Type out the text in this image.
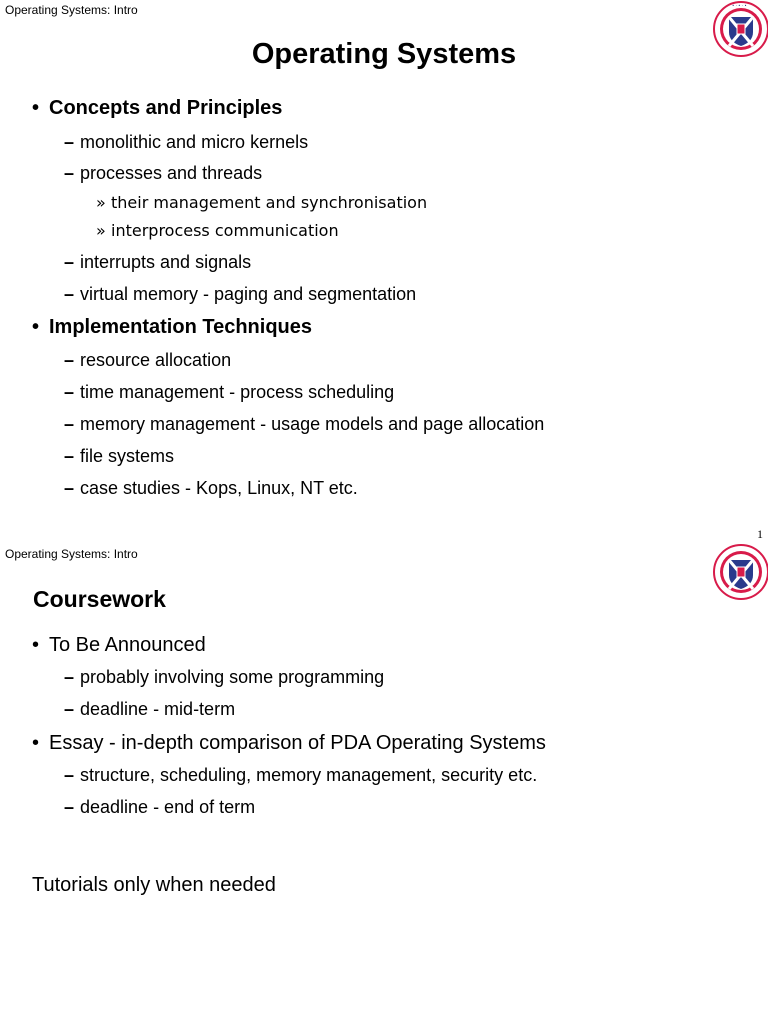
Operating Systems: Intro	• ‧ • ‧ •
Operating Systems
• Concepts and Principles
– monolithic and micro kernels
– processes and threads
» their management and synchronisation
» interprocess communication
– interrupts and signals
– virtual memory - paging and segmentation
• Implementation Techniques
– resource allocation
– time management - process scheduling
– memory management - usage models and page allocation
– file systems
– case studies - Kops, Linux, NT etc.
1
Operating Systems: Intro
Coursework
• To Be Announced
– probably involving some programming
– deadline - mid-term
• Essay - in-depth comparison of PDA Operating Systems
– structure, scheduling, memory management, security etc.
– deadline - end of term
Tutorials only when needed
